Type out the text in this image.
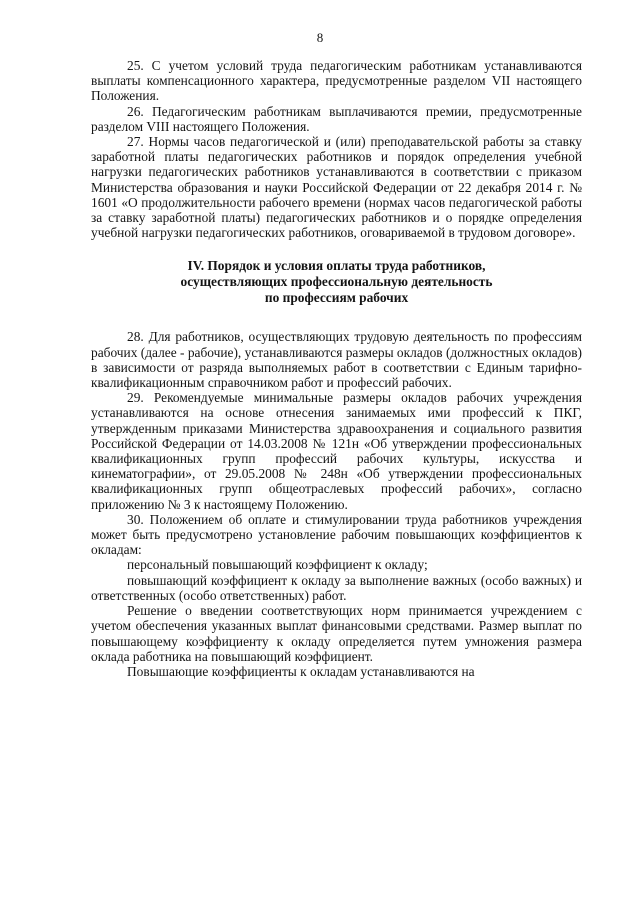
8

25. С учетом условий труда педагогическим работникам устанавливаются выплаты компенсационного характера, предусмотренные разделом VII настоящего Положения.

26. Педагогическим работникам выплачиваются премии, предусмотренные разделом VIII настоящего Положения.

27. Нормы часов педагогической и (или) преподавательской работы за ставку заработной платы педагогических работников и порядок определения учебной нагрузки педагогических работников устанавливаются в соответствии с приказом Министерства образования и науки Российской Федерации от 22 декабря 2014 г. № 1601 «О продолжительности рабочего времени (нормах часов педагогической работы за ставку заработной платы) педагогических работников и о порядке определения учебной нагрузки педагогических работников, оговариваемой в трудовом договоре».

IV. Порядок и условия оплаты труда работников,
осуществляющих профессиональную деятельность
по профессиям рабочих

28. Для работников, осуществляющих трудовую деятельность по профессиям рабочих (далее - рабочие), устанавливаются размеры окладов (должностных окладов) в зависимости от разряда выполняемых работ в соответствии с Единым тарифно-квалификационным справочником работ и профессий рабочих.

29. Рекомендуемые минимальные размеры окладов рабочих учреждения устанавливаются на основе отнесения занимаемых ими профессий к ПКГ, утвержденным приказами Министерства здравоохранения и социального развития Российской Федерации от 14.03.2008 № 121н «Об утверждении профессиональных квалификационных групп профессий рабочих культуры, искусства и кинематографии», от 29.05.2008 № 248н «Об утверждении профессиональных квалификационных групп общеотраслевых профессий рабочих», согласно приложению № 3 к настоящему Положению.

30. Положением об оплате и стимулировании труда работников учреждения может быть предусмотрено установление рабочим повышающих коэффициентов к окладам:

персональный повышающий коэффициент к окладу;

повышающий коэффициент к окладу за выполнение важных (особо важных) и ответственных (особо ответственных) работ.

Решение о введении соответствующих норм принимается учреждением с учетом обеспечения указанных выплат финансовыми средствами. Размер выплат по повышающему коэффициенту к окладу определяется путем умножения размера оклада работника на повышающий коэффициент.

Повышающие коэффициенты к окладам устанавливаются на
